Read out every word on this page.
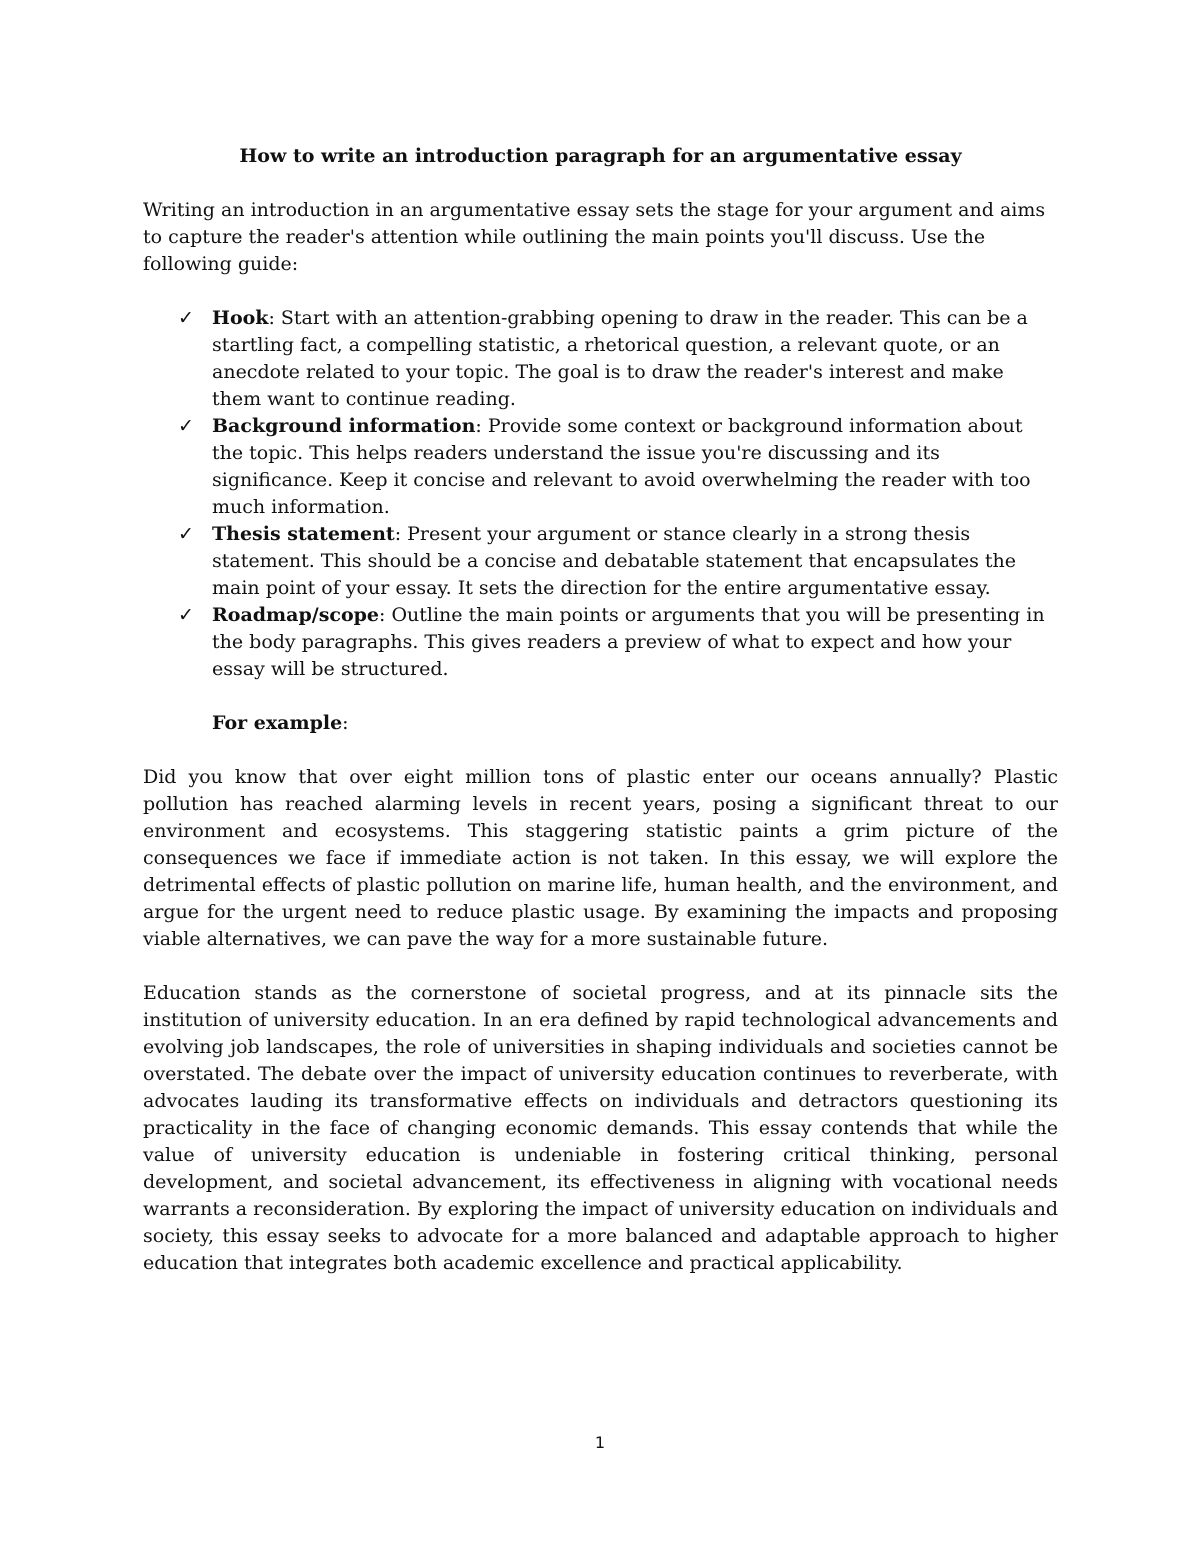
How to write an introduction paragraph for an argumentative essay

Writing an introduction in an argumentative essay sets the stage for your argument and aims to capture the reader's attention while outlining the main points you'll discuss. Use the following guide:

✓ Hook: Start with an attention-grabbing opening to draw in the reader. This can be a startling fact, a compelling statistic, a rhetorical question, a relevant quote, or an anecdote related to your topic. The goal is to draw the reader's interest and make them want to continue reading.
✓ Background information: Provide some context or background information about the topic. This helps readers understand the issue you're discussing and its significance. Keep it concise and relevant to avoid overwhelming the reader with too much information.
✓ Thesis statement: Present your argument or stance clearly in a strong thesis statement. This should be a concise and debatable statement that encapsulates the main point of your essay. It sets the direction for the entire argumentative essay.
✓ Roadmap/scope: Outline the main points or arguments that you will be presenting in the body paragraphs. This gives readers a preview of what to expect and how your essay will be structured.

For example:

Did you know that over eight million tons of plastic enter our oceans annually? Plastic pollution has reached alarming levels in recent years, posing a significant threat to our environment and ecosystems. This staggering statistic paints a grim picture of the consequences we face if immediate action is not taken. In this essay, we will explore the detrimental effects of plastic pollution on marine life, human health, and the environment, and argue for the urgent need to reduce plastic usage. By examining the impacts and proposing viable alternatives, we can pave the way for a more sustainable future.

Education stands as the cornerstone of societal progress, and at its pinnacle sits the institution of university education. In an era defined by rapid technological advancements and evolving job landscapes, the role of universities in shaping individuals and societies cannot be overstated. The debate over the impact of university education continues to reverberate, with advocates lauding its transformative effects on individuals and detractors questioning its practicality in the face of changing economic demands. This essay contends that while the value of university education is undeniable in fostering critical thinking, personal development, and societal advancement, its effectiveness in aligning with vocational needs warrants a reconsideration. By exploring the impact of university education on individuals and society, this essay seeks to advocate for a more balanced and adaptable approach to higher education that integrates both academic excellence and practical applicability.

1
